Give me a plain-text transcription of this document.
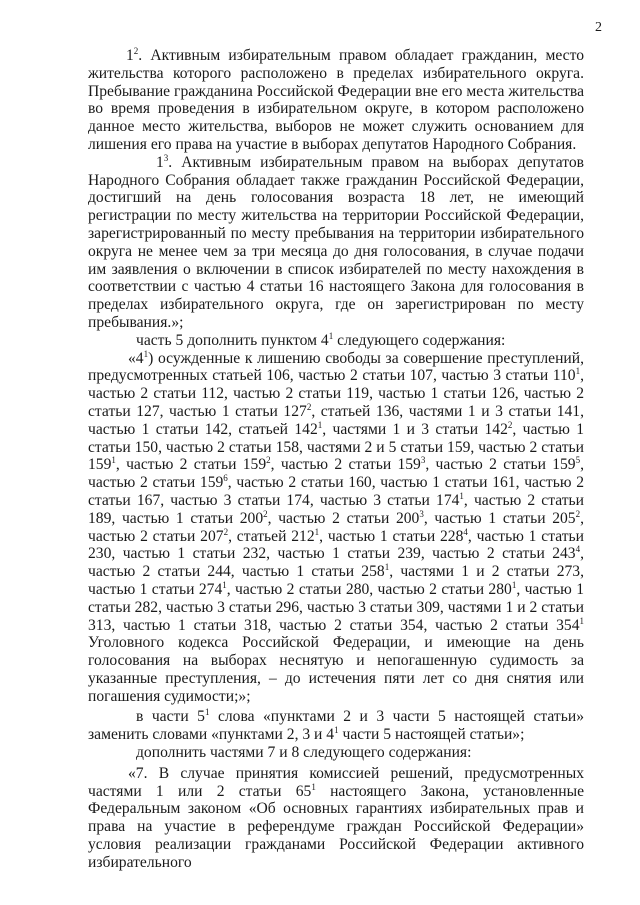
2

$1^2$. Активным избирательным правом обладает гражданин, место жительства которого расположено в пределах избирательного округа. Пребывание гражданина Российской Федерации вне его места жительства во время проведения в избирательном округе, в котором расположено данное место жительства, выборов не может служить основанием для лишения его права на участие в выборах депутатов Народного Собрания.

$1^3$. Активным избирательным правом на выборах депутатов Народного Собрания обладает также гражданин Российской Федерации, достигший на день голосования возраста 18 лет, не имеющий регистрации по месту жительства на территории Российской Федерации, зарегистрированный по месту пребывания на территории избирательного округа не менее чем за три месяца до дня голосования, в случае подачи им заявления о включении в список избирателей по месту нахождения в соответствии с частью 4 статьи 16 настоящего Закона для голосования в пределах избирательного округа, где он зарегистрирован по месту пребывания.»;

часть 5 дополнить пунктом $4^1$ следующего содержания:

«$4^1$) осужденные к лишению свободы за совершение преступлений, предусмотренных статьей 106, частью 2 статьи 107, частью 3 статьи $110^1$, частью 2 статьи 112, частью 2 статьи 119, частью 1 статьи 126, частью 2 статьи 127, частью 1 статьи $127^2$, статьей 136, частями 1 и 3 статьи 141, частью 1 статьи 142, статьей $142^1$, частями 1 и 3 статьи $142^2$, частью 1 статьи 150, частью 2 статьи 158, частями 2 и 5 статьи 159, частью 2 статьи $159^1$, частью 2 статьи $159^2$, частью 2 статьи $159^3$, частью 2 статьи $159^5$, частью 2 статьи $159^6$, частью 2 статьи 160, частью 1 статьи 161, частью 2 статьи 167, частью 3 статьи 174, частью 3 статьи $174^1$, частью 2 статьи 189, частью 1 статьи $200^2$, частью 2 статьи $200^3$, частью 1 статьи $205^2$, частью 2 статьи $207^2$, статьей $212^1$, частью 1 статьи $228^4$, частью 1 статьи 230, частью 1 статьи 232, частью 1 статьи 239, частью 2 статьи $243^4$, частью 2 статьи 244, частью 1 статьи $258^1$, частями 1 и 2 статьи 273, частью 1 статьи $274^1$, частью 2 статьи 280, частью 2 статьи $280^1$, частью 1 статьи 282, частью 3 статьи 296, частью 3 статьи 309, частями 1 и 2 статьи 313, частью 1 статьи 318, частью 2 статьи 354, частью 2 статьи $354^1$ Уголовного кодекса Российской Федерации, и имеющие на день голосования на выборах неснятую и непогашенную судимость за указанные преступления, – до истечения пяти лет со дня снятия или погашения судимости;»;

в части $5^1$ слова «пунктами 2 и 3 части 5 настоящей статьи» заменить словами «пунктами 2, 3 и $4^1$ части 5 настоящей статьи»;

дополнить частями 7 и 8 следующего содержания:

«7. В случае принятия комиссией решений, предусмотренных частями 1 или 2 статьи $65^1$ настоящего Закона, установленные Федеральным законом «Об основных гарантиях избирательных прав и права на участие в референдуме граждан Российской Федерации» условия реализации гражданами Российской Федерации активного избирательного
